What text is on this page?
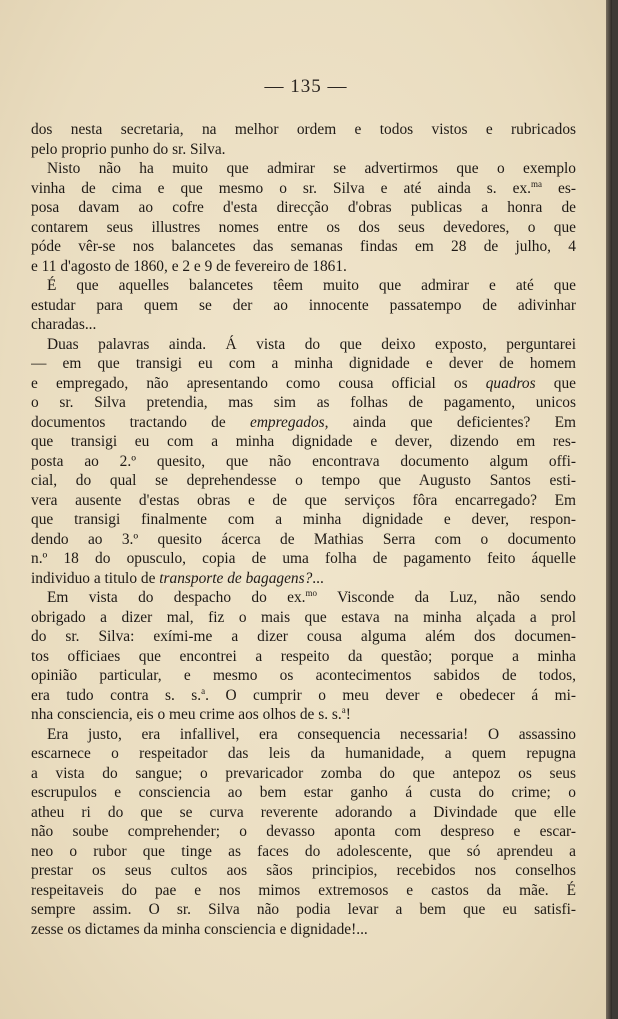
— 135 —
dos nesta secretaria, na melhor ordem e todos vistos e rubricados
pelo proprio punho do sr. Silva.
Nisto não ha muito que admirar se advertirmos que o exemplo
vinha de cima e que mesmo o sr. Silva e até ainda s. ex.$^{ma}$ es-
posa davam ao cofre d'esta direcção d'obras publicas a honra de
contarem seus illustres nomes entre os dos seus devedores, o que
póde vêr-se nos balancetes das semanas findas em 28 de julho, 4
e 11 d'agosto de 1860, e 2 e 9 de fevereiro de 1861.
É que aquelles balancetes têem muito que admirar e até que
estudar para quem se der ao innocente passatempo de adivinhar
charadas...
Duas palavras ainda. Á vista do que deixo exposto, perguntarei
— em que transigi eu com a minha dignidade e dever de homem
e empregado, não apresentando como cousa official os quadros que
o sr. Silva pretendia, mas sim as folhas de pagamento, unicos
documentos tractando de empregados, ainda que deficientes? Em
que transigi eu com a minha dignidade e dever, dizendo em res-
posta ao 2.º quesito, que não encontrava documento algum offi-
cial, do qual se deprehendesse o tempo que Augusto Santos esti-
vera ausente d'estas obras e de que serviços fôra encarregado? Em
que transigi finalmente com a minha dignidade e dever, respon-
dendo ao 3.º quesito ácerca de Mathias Serra com o documento
n.º 18 do opusculo, copia de uma folha de pagamento feito áquelle
individuo a titulo de transporte de bagagens?...
Em vista do despacho do ex.$^{mo}$ Visconde da Luz, não sendo
obrigado a dizer mal, fiz o mais que estava na minha alçada a prol
do sr. Silva: exími-me a dizer cousa alguma além dos documen-
tos officiaes que encontrei a respeito da questão; porque a minha
opinião particular, e mesmo os acontecimentos sabidos de todos,
era tudo contra s. s.$^a$. O cumprir o meu dever e obedecer á mi-
nha consciencia, eis o meu crime aos olhos de s. s.$^a$!
Era justo, era infallivel, era consequencia necessaria! O assassino
escarnece o respeitador das leis da humanidade, a quem repugna
a vista do sangue; o prevaricador zomba do que antepoz os seus
escrupulos e consciencia ao bem estar ganho á custa do crime; o
atheu ri do que se curva reverente adorando a Divindade que elle
não soube comprehender; o devasso aponta com despreso e escar-
neo o rubor que tinge as faces do adolescente, que só aprendeu a
prestar os seus cultos aos sãos principios, recebidos nos conselhos
respeitaveis do pae e nos mimos extremosos e castos da mãe. É
sempre assim. O sr. Silva não podia levar a bem que eu satisfi-
zesse os dictames da minha consciencia e dignidade!...
